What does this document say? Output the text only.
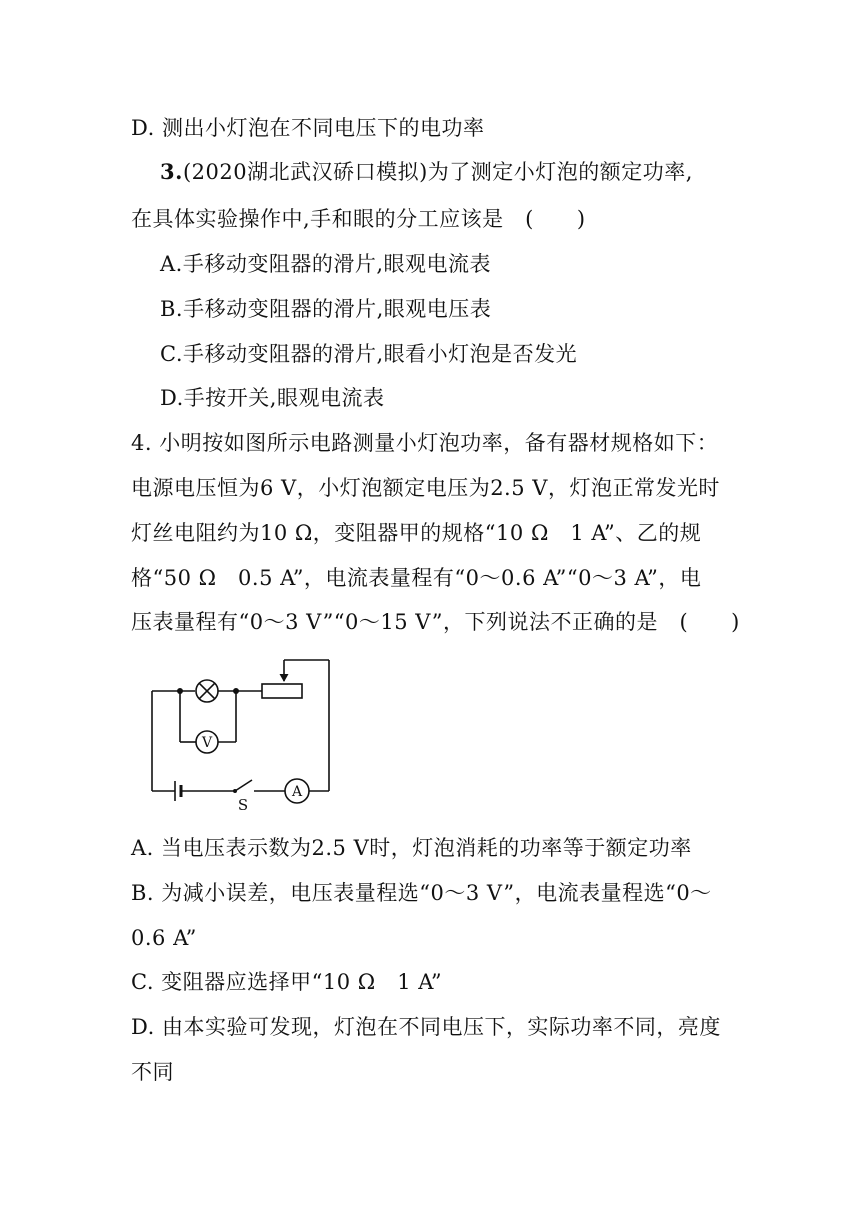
D. 测出小灯泡在不同电压下的电功率
3.(2020湖北武汉硚口模拟)为了测定小灯泡的额定功率,
在具体实验操作中,手和眼的分工应该是　(　　)
A.手移动变阻器的滑片,眼观电流表
B.手移动变阻器的滑片,眼观电压表
C.手移动变阻器的滑片,眼看小灯泡是否发光
D.手按开关,眼观电流表
4. 小明按如图所示电路测量小灯泡功率，备有器材规格如下：
电源电压恒为6 V，小灯泡额定电压为2.5 V，灯泡正常发光时
灯丝电阻约为10 Ω，变阻器甲的规格“10 Ω　1 A”、乙的规
格“50 Ω　0.5 A”，电流表量程有“0～0.6 A”“0～3 A”，电
压表量程有“0～3 V”“0～15 V”，下列说法不正确的是　(　　)
V
A
S
A. 当电压表示数为2.5 V时，灯泡消耗的功率等于额定功率
B. 为减小误差，电压表量程选“0～3 V”，电流表量程选“0～
0.6 A”
C. 变阻器应选择甲“10 Ω　1 A”
D. 由本实验可发现，灯泡在不同电压下，实际功率不同，亮度
不同
